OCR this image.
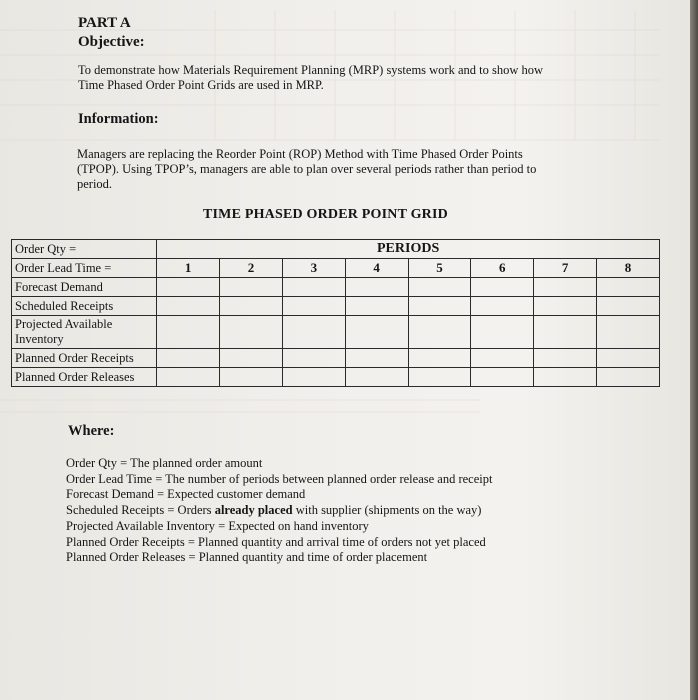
PART A
Objective:
To demonstrate how Materials Requirement Planning (MRP) systems work and to show how
Time Phased Order Point Grids are used in MRP.
Information:
Managers are replacing the Reorder Point (ROP) Method with Time Phased Order Points
(TPOP). Using TPOP’s, managers are able to plan over several periods rather than period to
period.
TIME PHASED ORDER POINT GRID
Order Qty =	PERIODS							
Order Lead Time =	1	2	3	4	5	6	7	8
Forecast Demand								
Scheduled Receipts								

Projected Available
Inventory								

Planned Order Receipts								
Planned Order Releases								
Where:
Order Qty = The planned order amount
Order Lead Time = The number of periods between planned order release and receipt
Forecast Demand = Expected customer demand
Scheduled Receipts = Orders already placed with supplier (shipments on the way)
Projected Available Inventory = Expected on hand inventory
Planned Order Receipts = Planned quantity and arrival time of orders not yet placed
Planned Order Releases = Planned quantity and time of order placement
